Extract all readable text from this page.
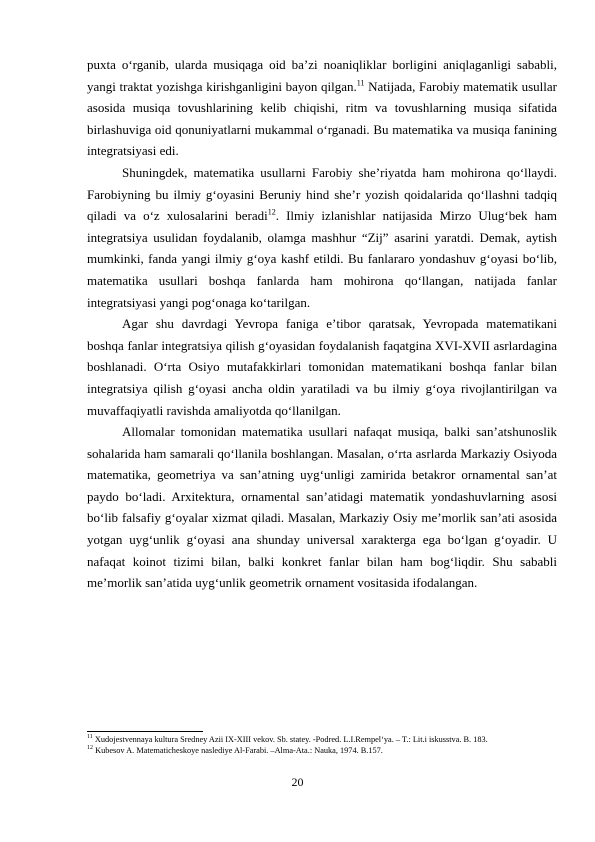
puxta oʻrganib, ularda musiqaga oid baʼzi noaniqliklar borligini aniqlaganligi sababli, yangi traktat yozishga kirishganligini bayon qilgan.$^{11}$ Natijada, Farobiy matematik usullar asosida musiqa tovushlarining kelib chiqishi, ritm va tovushlarning musiqa sifatida birlashuviga oid qonuniyatlarni mukammal oʻrganadi. Bu matematika va musiqa fanining integratsiyasi edi.

Shuningdek, matematika usullarni Farobiy sheʼriyatda ham mohirona qoʻllaydi. Farobiyning bu ilmiy gʻoyasini Beruniy hind sheʼr yozish qoidalarida qoʻllashni tadqiq qiladi va oʻz xulosalarini beradi$^{12}$. Ilmiy izlanishlar natijasida Mirzo Ulugʻbek ham integratsiya usulidan foydalanib, olamga mashhur “Zij” asarini yaratdi. Demak, aytish mumkinki, fanda yangi ilmiy gʻoya kashf etildi. Bu fanlararo yondashuv gʻoyasi boʻlib, matematika usullari boshqa fanlarda ham mohirona qoʻllangan, natijada fanlar integratsiyasi yangi pogʻonaga koʻtarilgan.

Agar shu davrdagi Yevropa faniga eʼtibor qaratsak, Yevropada matematikani boshqa fanlar integratsiya qilish gʻoyasidan foydalanish faqatgina XVI-XVII asrlardagina boshlanadi. Oʻrta Osiyo mutafakkirlari tomonidan matematikani boshqa fanlar bilan integratsiya qilish gʻoyasi ancha oldin yaratiladi va bu ilmiy gʻoya rivojlantirilgan va muvaffaqiyatli ravishda amaliyotda qoʻllanilgan.

Allomalar tomonidan matematika usullari nafaqat musiqa, balki sanʼatshunoslik sohalarida ham samarali qoʻllanila boshlangan. Masalan, oʻrta asrlarda Markaziy Osiyoda matematika, geometriya va sanʼatning uygʻunligi zamirida betakror ornamental sanʼat paydo boʻladi. Arxitektura, ornamental sanʼatidagi matematik yondashuvlarning asosi boʻlib falsafiy gʻoyalar xizmat qiladi. Masalan, Markaziy Osiy meʼmorlik sanʼati asosida yotgan uygʻunlik gʻoyasi ana shunday universal xarakterga ega boʻlgan gʻoyadir. U nafaqat koinot tizimi bilan, balki konkret fanlar bilan ham bogʻliqdir. Shu sababli meʼmorlik sanʼatida uygʻunlik geometrik ornament vositasida ifodalangan.

$^{11}$ Xudojestvennaya kultura Sredney Azii IX-XIII vekov. Sb. statey. -Podred. L.I.Rempelʻya. – T.: Lit.i iskusstva. B. 183.

$^{12}$ Kubesov A. Matematicheskoye naslediye Al-Farabi. –Alma-Ata.: Nauka, 1974. B.157.

20
